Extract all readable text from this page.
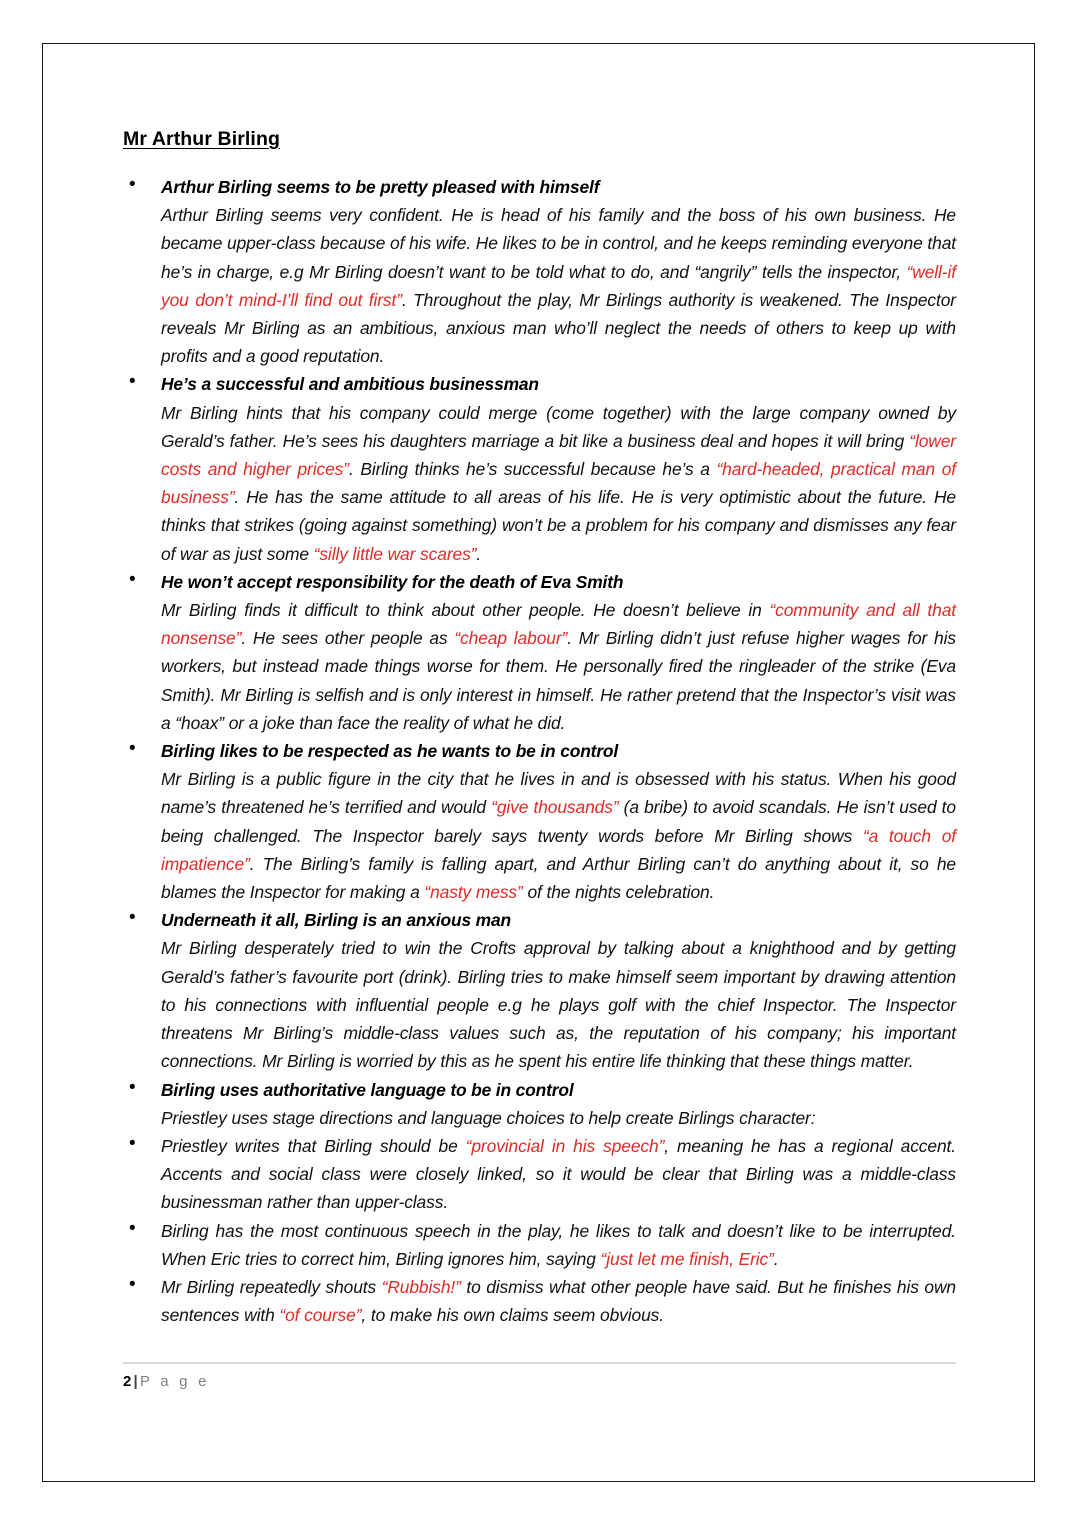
Mr Arthur Birling
• Arthur Birling seems to be pretty pleased with himself

Arthur Birling seems very confident. He is head of his family and the boss of his own business. He became upper-class because of his wife. He likes to be in control, and he keeps reminding everyone that he’s in charge, e.g Mr Birling doesn’t want to be told what to do, and “angrily” tells the inspector, “well-if you don’t mind-I’ll find out first”. Throughout the play, Mr Birlings authority is weakened. The Inspector reveals Mr Birling as an ambitious, anxious man who’ll neglect the needs of others to keep up with profits and a good reputation.

• He’s a successful and ambitious businessman

Mr Birling hints that his company could merge (come together) with the large company owned by Gerald’s father. He’s sees his daughters marriage a bit like a business deal and hopes it will bring “lower costs and higher prices”. Birling thinks he’s successful because he’s a “hard-headed, practical man of business”. He has the same attitude to all areas of his life. He is very optimistic about the future. He thinks that strikes (going against something) won’t be a problem for his company and dismisses any fear of war as just some “silly little war scares”.

• He won’t accept responsibility for the death of Eva Smith

Mr Birling finds it difficult to think about other people. He doesn’t believe in “community and all that nonsense”. He sees other people as “cheap labour”. Mr Birling didn’t just refuse higher wages for his workers, but instead made things worse for them. He personally fired the ringleader of the strike (Eva Smith). Mr Birling is selfish and is only interest in himself. He rather pretend that the Inspector’s visit was a “hoax” or a joke than face the reality of what he did.

• Birling likes to be respected as he wants to be in control

Mr Birling is a public figure in the city that he lives in and is obsessed with his status. When his good name’s threatened he’s terrified and would “give thousands” (a bribe) to avoid scandals. He isn’t used to being challenged. The Inspector barely says twenty words before Mr Birling shows “a touch of impatience”. The Birling’s family is falling apart, and Arthur Birling can’t do anything about it, so he blames the Inspector for making a “nasty mess” of the nights celebration.

• Underneath it all, Birling is an anxious man

Mr Birling desperately tried to win the Crofts approval by talking about a knighthood and by getting Gerald’s father’s favourite port (drink). Birling tries to make himself seem important by drawing attention to his connections with influential people e.g he plays golf with the chief Inspector. The Inspector threatens Mr Birling’s middle-class values such as, the reputation of his company; his important connections. Mr Birling is worried by this as he spent his entire life thinking that these things matter.

• Birling uses authoritative language to be in control

Priestley uses stage directions and language choices to help create Birlings character:

• Priestley writes that Birling should be “provincial in his speech”, meaning he has a regional accent. Accents and social class were closely linked, so it would be clear that Birling was a middle-class businessman rather than upper-class.

• Birling has the most continuous speech in the play, he likes to talk and doesn’t like to be interrupted. When Eric tries to correct him, Birling ignores him, saying “just let me finish, Eric”.

• Mr Birling repeatedly shouts “Rubbish!” to dismiss what other people have said. But he finishes his own sentences with “of course”, to make his own claims seem obvious.

2 | P a g e
